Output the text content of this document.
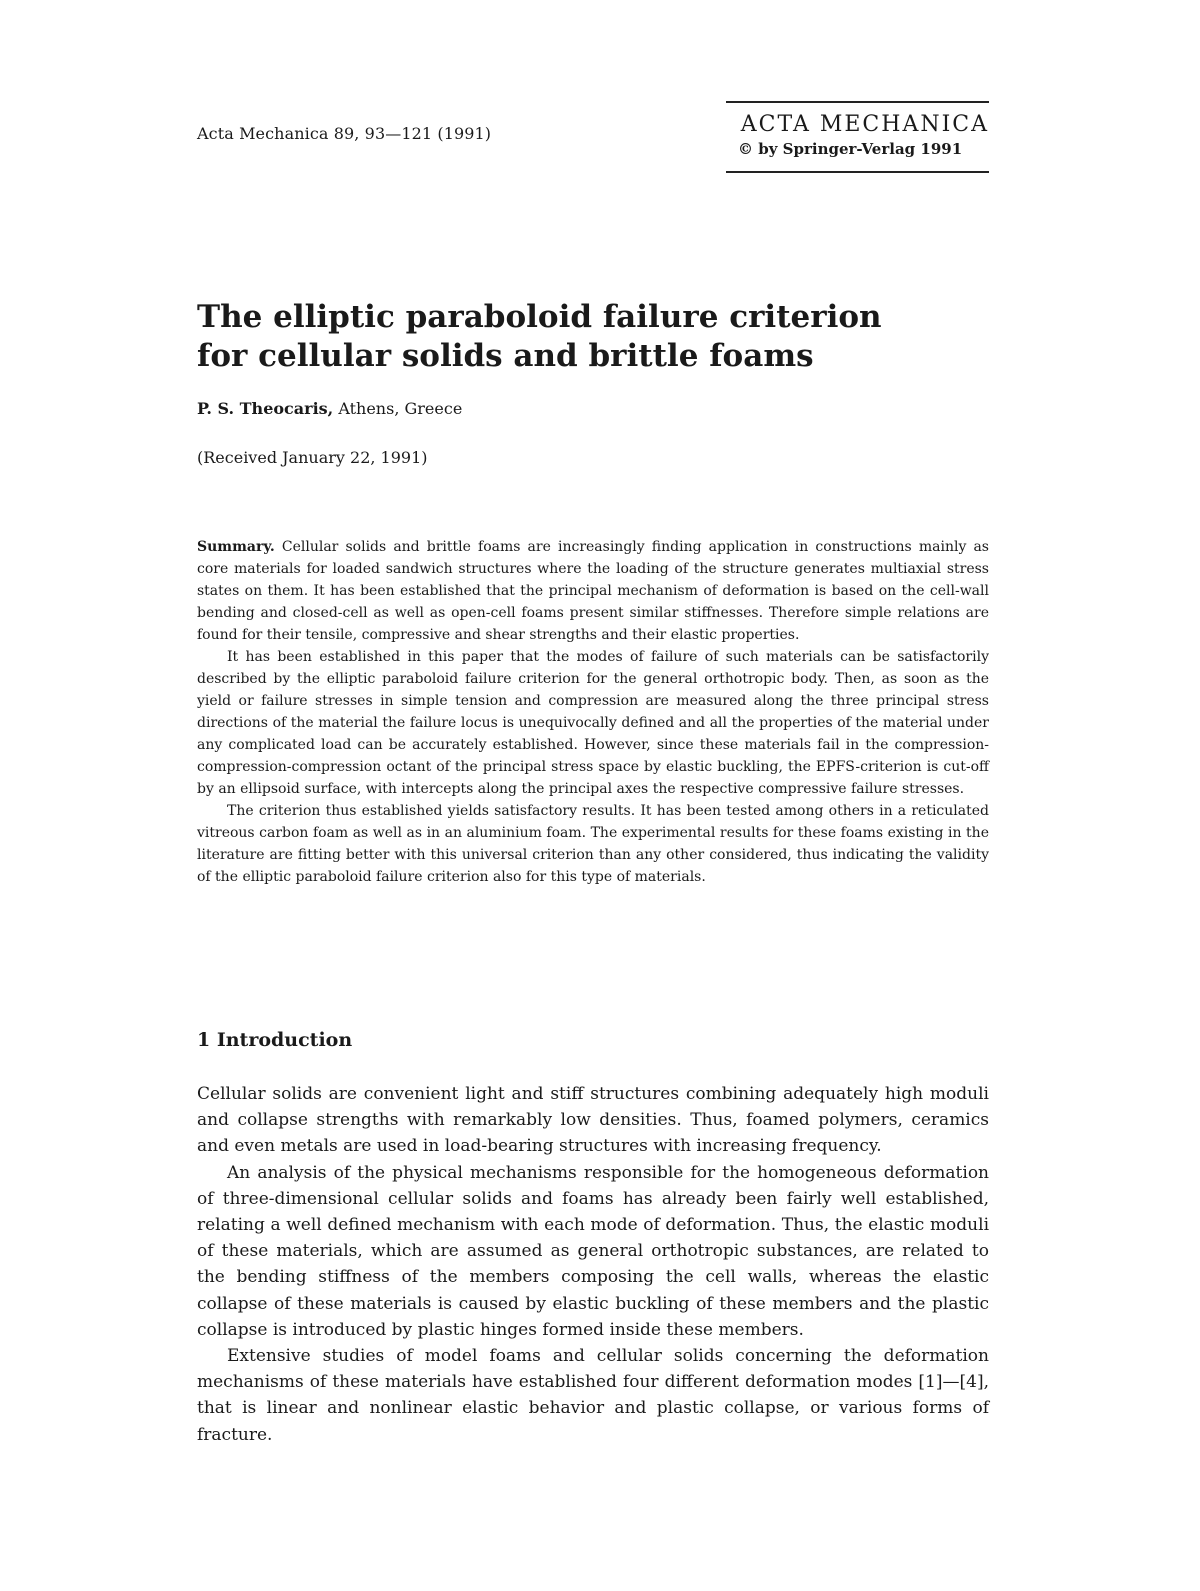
Acta Mechanica 89, 93—121 (1991)	ACTA MECHANICA
© by Springer-Verlag 1991
The elliptic paraboloid failure criterion
for cellular solids and brittle foams
P. S. Theocaris, Athens, Greece
(Received January 22, 1991)

Summary. Cellular solids and brittle foams are increasingly finding application in constructions mainly as core materials for loaded sandwich structures where the loading of the structure generates multiaxial stress states on them. It has been established that the principal mechanism of deformation is based on the cell-wall bending and closed-cell as well as open-cell foams present similar stiffnesses. Therefore simple relations are found for their tensile, compressive and shear strengths and their elastic properties.

It has been established in this paper that the modes of failure of such materials can be satisfactorily described by the elliptic paraboloid failure criterion for the general orthotropic body. Then, as soon as the yield or failure stresses in simple tension and compression are measured along the three principal stress directions of the material the failure locus is unequivocally defined and all the properties of the material under any complicated load can be accurately established. However, since these materials fail in the compression-compression-compression octant of the principal stress space by elastic buckling, the EPFS-criterion is cut-off by an ellipsoid surface, with intercepts along the principal axes the respective compressive failure stresses.

The criterion thus established yields satisfactory results. It has been tested among others in a reticulated vitreous carbon foam as well as in an aluminium foam. The experimental results for these foams existing in the literature are fitting better with this universal criterion than any other considered, thus indicating the validity of the elliptic paraboloid failure criterion also for this type of materials.

1 Introduction

Cellular solids are convenient light and stiff structures combining adequately high moduli and collapse strengths with remarkably low densities. Thus, foamed polymers, ceramics and even metals are used in load-bearing structures with increasing frequency.

An analysis of the physical mechanisms responsible for the homogeneous deformation of three-dimensional cellular solids and foams has already been fairly well established, relating a well defined mechanism with each mode of deformation. Thus, the elastic moduli of these materials, which are assumed as general orthotropic substances, are related to the bending stiffness of the members composing the cell walls, whereas the elastic collapse of these materials is caused by elastic buckling of these members and the plastic collapse is introduced by plastic hinges formed inside these members.

Extensive studies of model foams and cellular solids concerning the deformation mechanisms of these materials have established four different deformation modes [1]—[4], that is linear and nonlinear elastic behavior and plastic collapse, or various forms of fracture.
